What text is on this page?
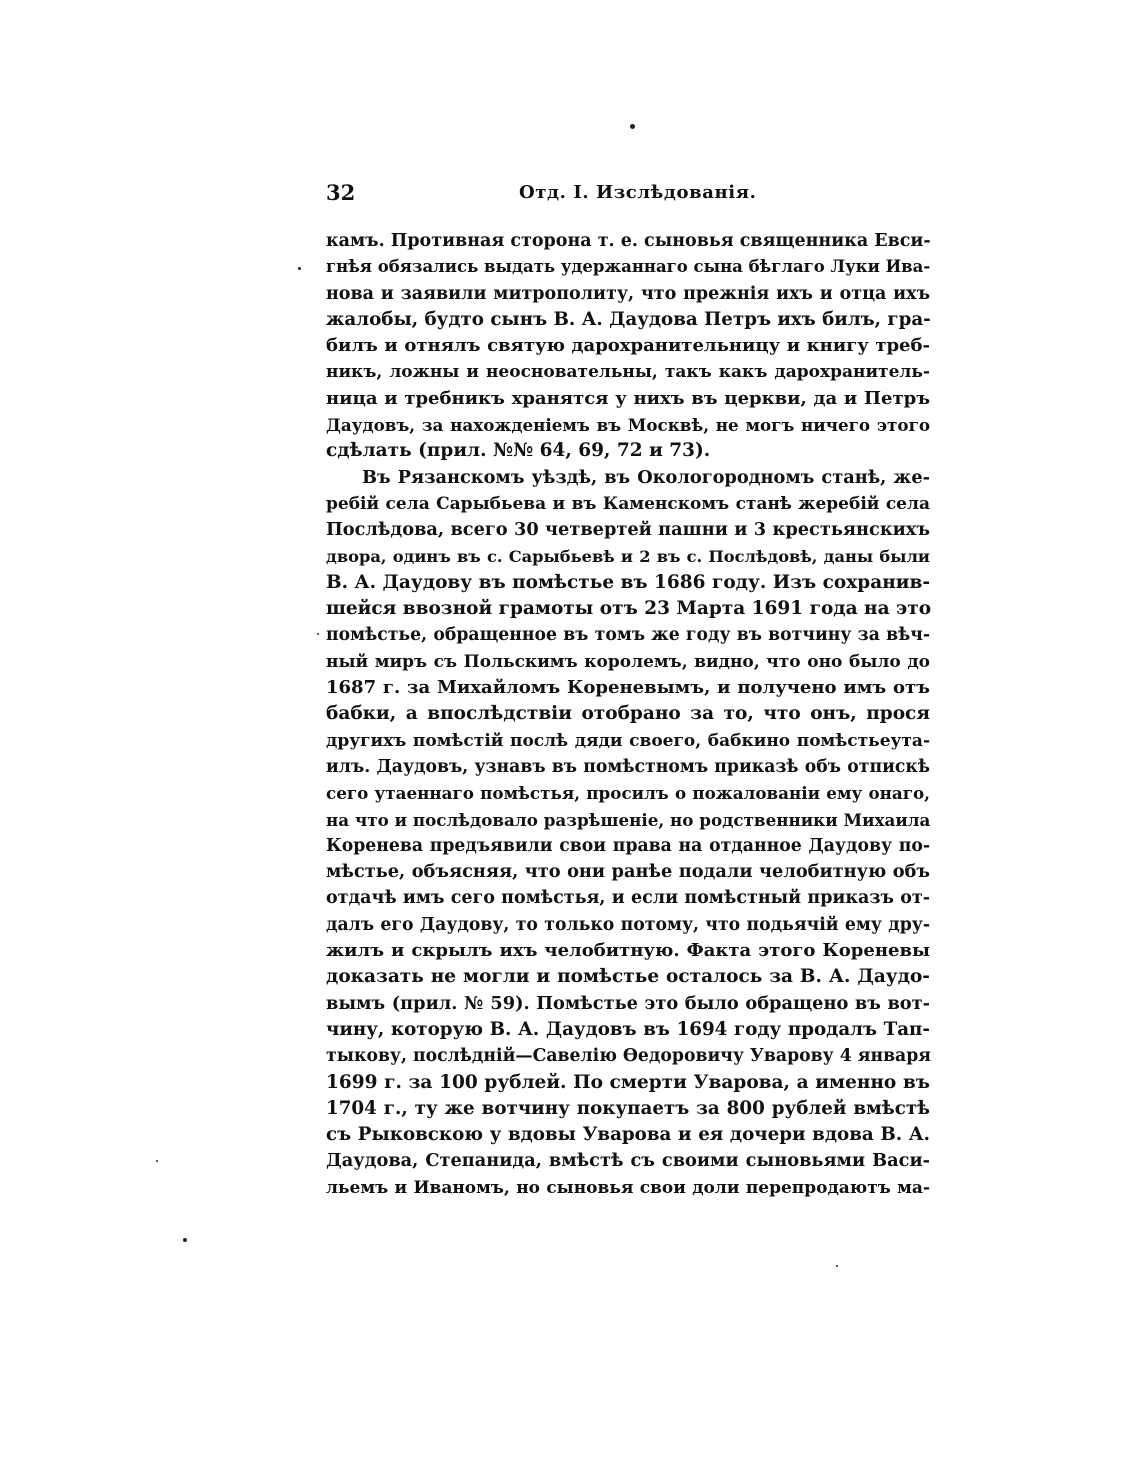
32	Отд. I. Изслѣдованія.
камъ. Противная сторона т. е. сыновья священника Евси-
гнѣя обязались выдать удержаннаго сына бѣглаго Луки Ива-
нова и заявили митрополиту, что прежнія ихъ и отца ихъ
жалобы, будто сынъ В. А. Даудова Петръ ихъ билъ, гра-
билъ и отнялъ святую дарохранительницу и книгу треб-
никъ, ложны и неосновательны, такъ какъ дарохранитель-
ница и требникъ хранятся у нихъ въ церкви, да и Петръ
Даудовъ, за нахожденіемъ въ Москвѣ, не могъ ничего этого
сдѣлать (прил. №№ 64, 69, 72 и 73).
Въ Рязанскомъ уѣздѣ, въ Окологородномъ станѣ, же-
ребій села Сарыбьева и въ Каменскомъ станѣ жеребій села
Послѣдова, всего 30 четвертей пашни и 3 крестьянскихъ
двора, одинъ въ с. Сарыбьевѣ и 2 въ с. Послѣдовѣ, даны были
В. А. Даудову въ помѣстье въ 1686 году. Изъ сохранив-
шейся ввозной грамоты отъ 23 Марта 1691 года на это
помѣстье, обращенное въ томъ же году въ вотчину за вѣч-
ный миръ съ Польскимъ королемъ, видно, что оно было до
1687 г. за Михайломъ Кореневымъ, и получено имъ отъ
бабки, а впослѣдствіи отобрано за то, что онъ, прося
другихъ помѣстій послѣ дяди своего, бабкино помѣстьеута-
илъ. Даудовъ, узнавъ въ помѣстномъ приказѣ объ отпискѣ
сего утаеннаго помѣстья, просилъ о пожалованіи ему онаго,
на что и послѣдовало разрѣшеніе, но родственники Михаила
Коренева предъявили свои права на отданное Даудову по-
мѣстье, объясняя, что они ранѣе подали челобитную объ
отдачѣ имъ сего помѣстья, и если помѣстный приказъ от-
далъ его Даудову, то только потому, что подьячій ему дру-
жилъ и скрылъ ихъ челобитную. Факта этого Кореневы
доказать не могли и помѣстье осталось за В. А. Даудо-
вымъ (прил. № 59). Помѣстье это было обращено въ вот-
чину, которую В. А. Даудовъ въ 1694 году продалъ Тап-
тыкову, послѣдній—Савелію Ѳедоровичу Уварову 4 января
1699 г. за 100 рублей. По смерти Уварова, а именно въ
1704 г., ту же вотчину покупаетъ за 800 рублей вмѣстѣ
съ Рыковскою у вдовы Уварова и ея дочери вдова В. А.
Даудова, Степанида, вмѣстѣ съ своими сыновьями Васи-
льемъ и Иваномъ, но сыновья свои доли перепродаютъ ма-
